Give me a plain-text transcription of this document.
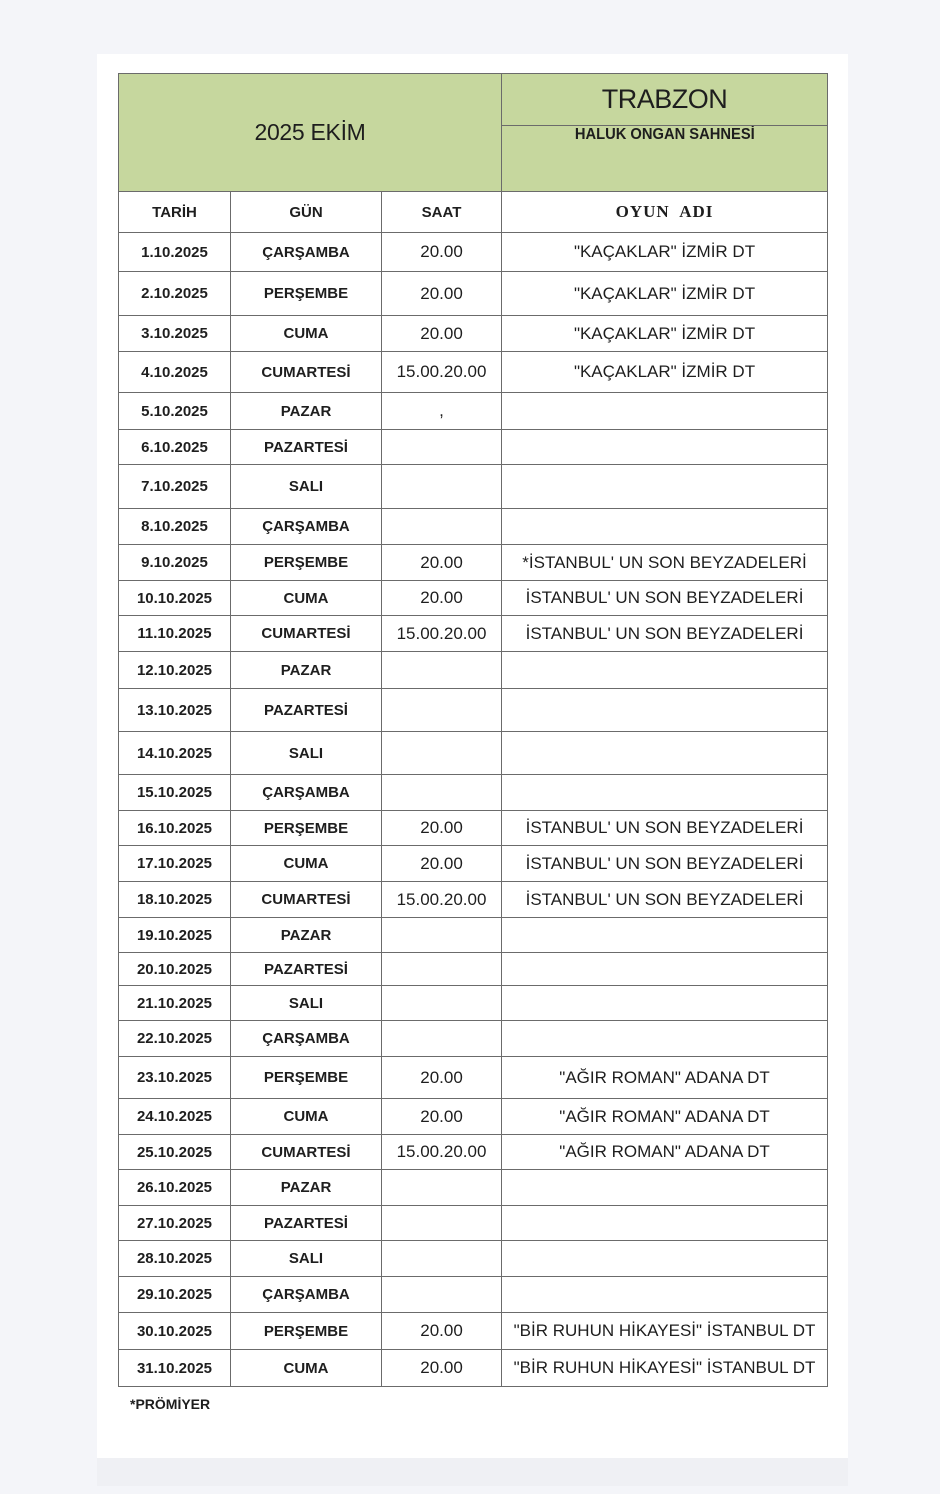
2025 EKİM			TRABZON
			HALUK ONGAN SAHNESİ
TARİH	GÜN	SAAT	OYUN  ADI
1.10.2025	ÇARŞAMBA	20.00	"KAÇAKLAR" İZMİR DT
2.10.2025	PERŞEMBE	20.00	"KAÇAKLAR" İZMİR DT
3.10.2025	CUMA	20.00	"KAÇAKLAR" İZMİR DT
4.10.2025	CUMARTESİ	15.00.20.00	"KAÇAKLAR" İZMİR DT
5.10.2025	PAZAR	,	
6.10.2025	PAZARTESİ		
7.10.2025	SALI		
8.10.2025	ÇARŞAMBA		
9.10.2025	PERŞEMBE	20.00	*İSTANBUL' UN SON BEYZADELERİ
10.10.2025	CUMA	20.00	İSTANBUL' UN SON BEYZADELERİ
11.10.2025	CUMARTESİ	15.00.20.00	İSTANBUL' UN SON BEYZADELERİ
12.10.2025	PAZAR		
13.10.2025	PAZARTESİ		
14.10.2025	SALI		
15.10.2025	ÇARŞAMBA		
16.10.2025	PERŞEMBE	20.00	İSTANBUL' UN SON BEYZADELERİ
17.10.2025	CUMA	20.00	İSTANBUL' UN SON BEYZADELERİ
18.10.2025	CUMARTESİ	15.00.20.00	İSTANBUL' UN SON BEYZADELERİ
19.10.2025	PAZAR		
20.10.2025	PAZARTESİ		
21.10.2025	SALI		
22.10.2025	ÇARŞAMBA		
23.10.2025	PERŞEMBE	20.00	"AĞIR ROMAN" ADANA DT
24.10.2025	CUMA	20.00	"AĞIR ROMAN" ADANA DT
25.10.2025	CUMARTESİ	15.00.20.00	"AĞIR ROMAN" ADANA DT
26.10.2025	PAZAR		
27.10.2025	PAZARTESİ		
28.10.2025	SALI		
29.10.2025	ÇARŞAMBA		
30.10.2025	PERŞEMBE	20.00	"BİR RUHUN HİKAYESİ" İSTANBUL DT
31.10.2025	CUMA	20.00	"BİR RUHUN HİKAYESİ" İSTANBUL DT
*PRÖMİYER
